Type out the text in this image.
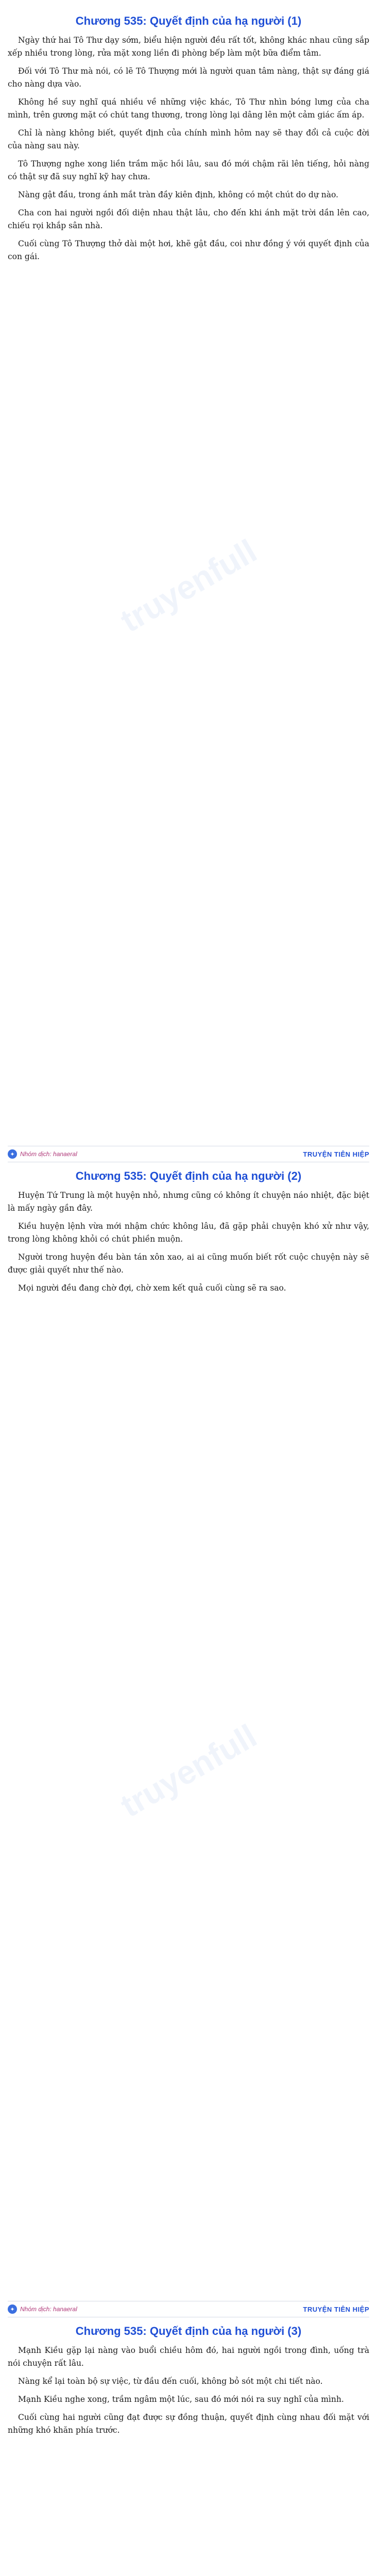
truyenfull
truyenfull
Chương 535: Quyết định của hạ người (1)

Ngày thứ hai Tô Thư dạy sớm, biểu hiện người đều rất tốt, không khác nhau cũng sắp xếp nhiều trong lòng, rửa mặt xong liền đi phòng bếp làm một bữa điểm tâm.

Đối với Tô Thư mà nói, có lẽ Tô Thượng mới là người quan tâm nàng, thật sự đáng giá cho nàng dựa vào.

Không hề suy nghĩ quá nhiều về những việc khác, Tô Thư nhìn bóng lưng của cha mình, trên gương mặt có chút tang thương, trong lòng lại dâng lên một cảm giác ấm áp.

Chỉ là nàng không biết, quyết định của chính mình hôm nay sẽ thay đổi cả cuộc đời của nàng sau này.

Tô Thượng nghe xong liền trầm mặc hồi lâu, sau đó mới chậm rãi lên tiếng, hỏi nàng có thật sự đã suy nghĩ kỹ hay chưa.

Nàng gật đầu, trong ánh mắt tràn đầy kiên định, không có một chút do dự nào.

Cha con hai người ngồi đối diện nhau thật lâu, cho đến khi ánh mặt trời dần lên cao, chiếu rọi khắp sân nhà.

Cuối cùng Tô Thượng thở dài một hơi, khẽ gật đầu, coi như đồng ý với quyết định của con gái.

✦ Nhóm dịch: hanaeral	TRUYỆN TIÊN HIỆP
Chương 535: Quyết định của hạ người (2)

Huyện Tứ Trung là một huyện nhỏ, nhưng cũng có không ít chuyện náo nhiệt, đặc biệt là mấy ngày gần đây.

Kiều huyện lệnh vừa mới nhậm chức không lâu, đã gặp phải chuyện khó xử như vậy, trong lòng không khỏi có chút phiền muộn.

Người trong huyện đều bàn tán xôn xao, ai ai cũng muốn biết rốt cuộc chuyện này sẽ được giải quyết như thế nào.

Mọi người đều đang chờ đợi, chờ xem kết quả cuối cùng sẽ ra sao.

✦ Nhóm dịch: hanaeral	TRUYỆN TIÊN HIỆP
Chương 535: Quyết định của hạ người (3)

Mạnh Kiều gặp lại nàng vào buổi chiều hôm đó, hai người ngồi trong đình, uống trà nói chuyện rất lâu.

Nàng kể lại toàn bộ sự việc, từ đầu đến cuối, không bỏ sót một chi tiết nào.

Mạnh Kiều nghe xong, trầm ngâm một lúc, sau đó mới nói ra suy nghĩ của mình.

Cuối cùng hai người cũng đạt được sự đồng thuận, quyết định cùng nhau đối mặt với những khó khăn phía trước.
